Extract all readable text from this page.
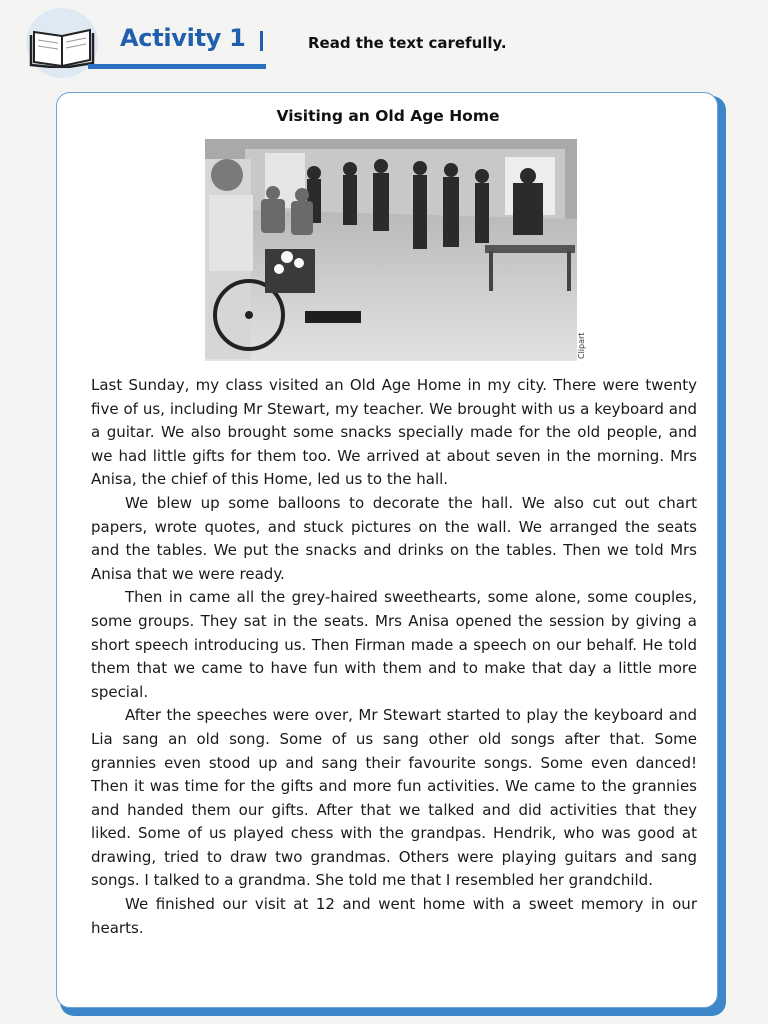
Activity 1	Read the text carefully.
Visiting an Old Age Home
Clipart

Last Sunday, my class visited an Old Age Home in my city. There were twenty five of us, including Mr Stewart, my teacher. We brought with us a keyboard and a guitar. We also brought some snacks specially made for the old people, and we had little gifts for them too. We arrived at about seven in the morning. Mrs Anisa, the chief of this Home, led us to the hall.

We blew up some balloons to decorate the hall. We also cut out chart papers, wrote quotes, and stuck pictures on the wall. We arranged the seats and the tables. We put the snacks and drinks on the tables. Then we told Mrs Anisa that we were ready.

Then in came all the grey-haired sweethearts, some alone, some couples, some groups. They sat in the seats. Mrs Anisa opened the session by giving a short speech introducing us. Then Firman made a speech on our behalf. He told them that we came to have fun with them and to make that day a little more special.

After the speeches were over, Mr Stewart started to play the keyboard and Lia sang an old song. Some of us sang other old songs after that. Some grannies even stood up and sang their favourite songs. Some even danced! Then it was time for the gifts and more fun activities. We came to the grannies and handed them our gifts. After that we talked and did activities that they liked. Some of us played chess with the grandpas. Hendrik, who was good at drawing, tried to draw two grandmas. Others were playing guitars and sang songs. I talked to a grandma. She told me that I resembled her grandchild.

We finished our visit at 12 and went home with a sweet memory in our hearts.
